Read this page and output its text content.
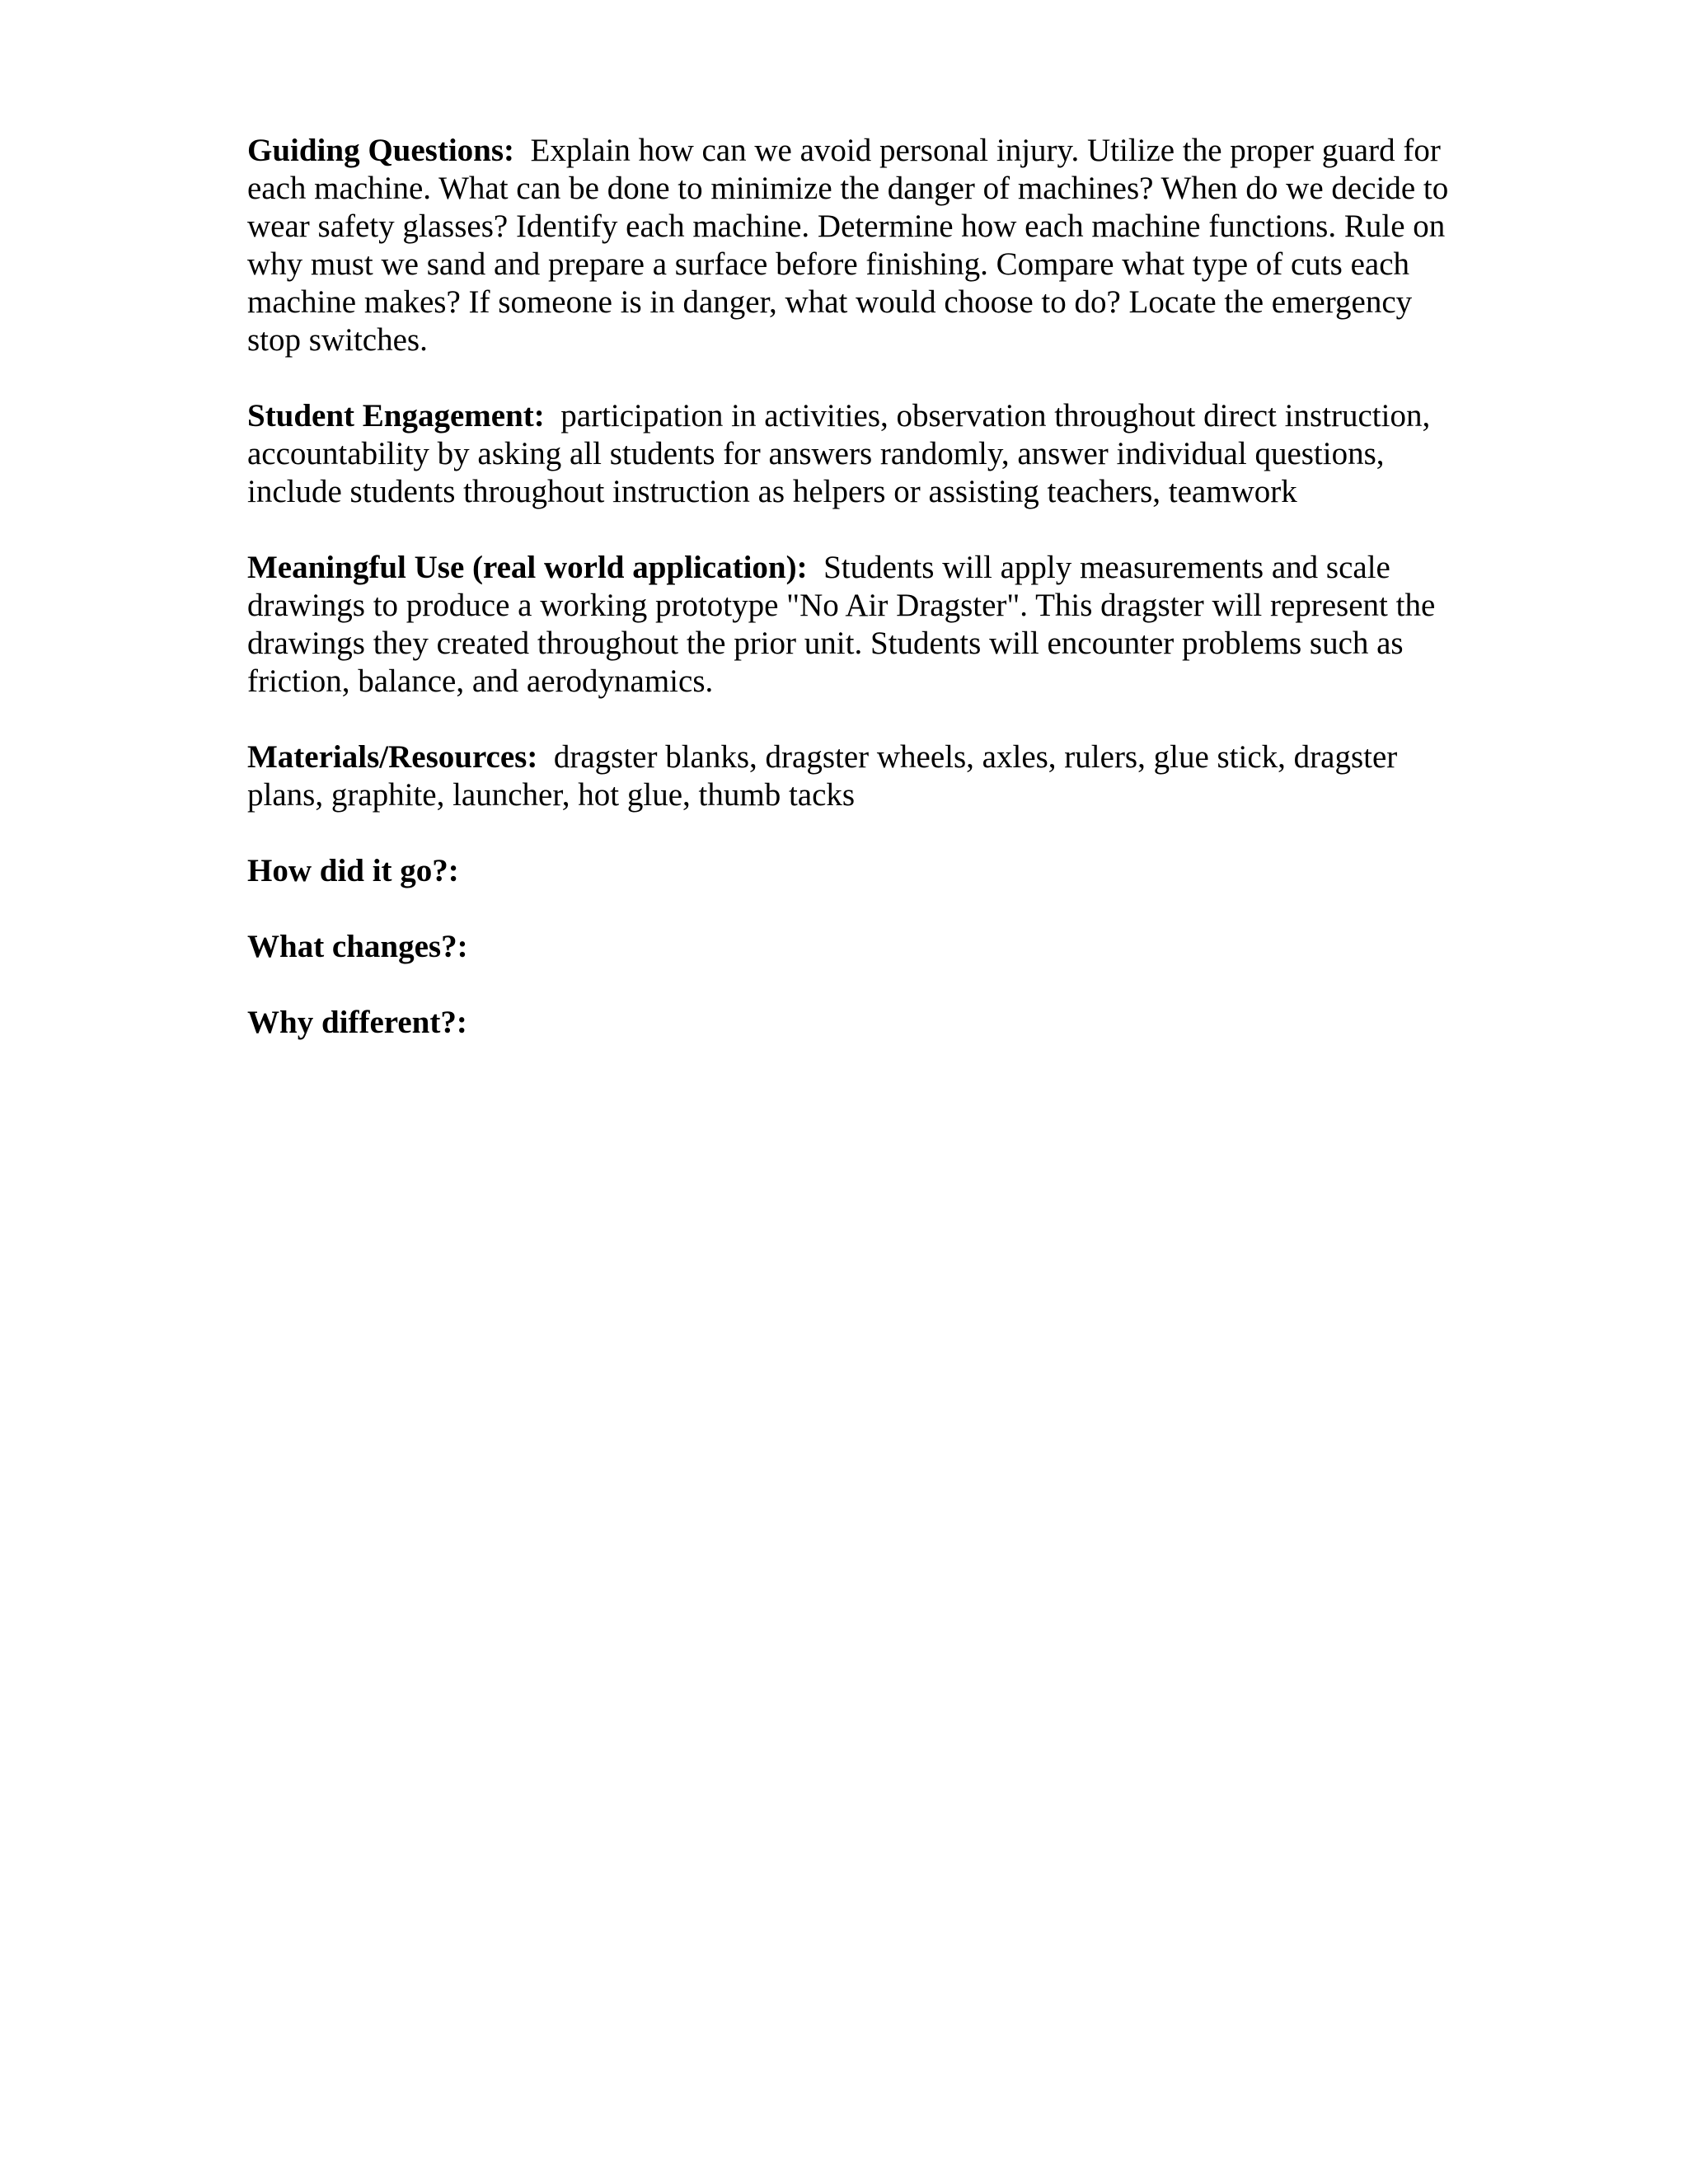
Guiding Questions: Explain how can we avoid personal injury. Utilize the proper guard for each machine. What can be done to minimize the danger of machines? When do we decide to wear safety glasses? Identify each machine. Determine how each machine functions. Rule on why must we sand and prepare a surface before finishing. Compare what type of cuts each machine makes? If someone is in danger, what would choose to do? Locate the emergency stop switches.

Student Engagement: participation in activities, observation throughout direct instruction, accountability by asking all students for answers randomly, answer individual questions, include students throughout instruction as helpers or assisting teachers, teamwork

Meaningful Use (real world application): Students will apply measurements and scale drawings to produce a working prototype "No Air Dragster". This dragster will represent the drawings they created throughout the prior unit. Students will encounter problems such as friction, balance, and aerodynamics.

Materials/Resources: dragster blanks, dragster wheels, axles, rulers, glue stick, dragster plans, graphite, launcher, hot glue, thumb tacks

How did it go?:

What changes?:

Why different?:
